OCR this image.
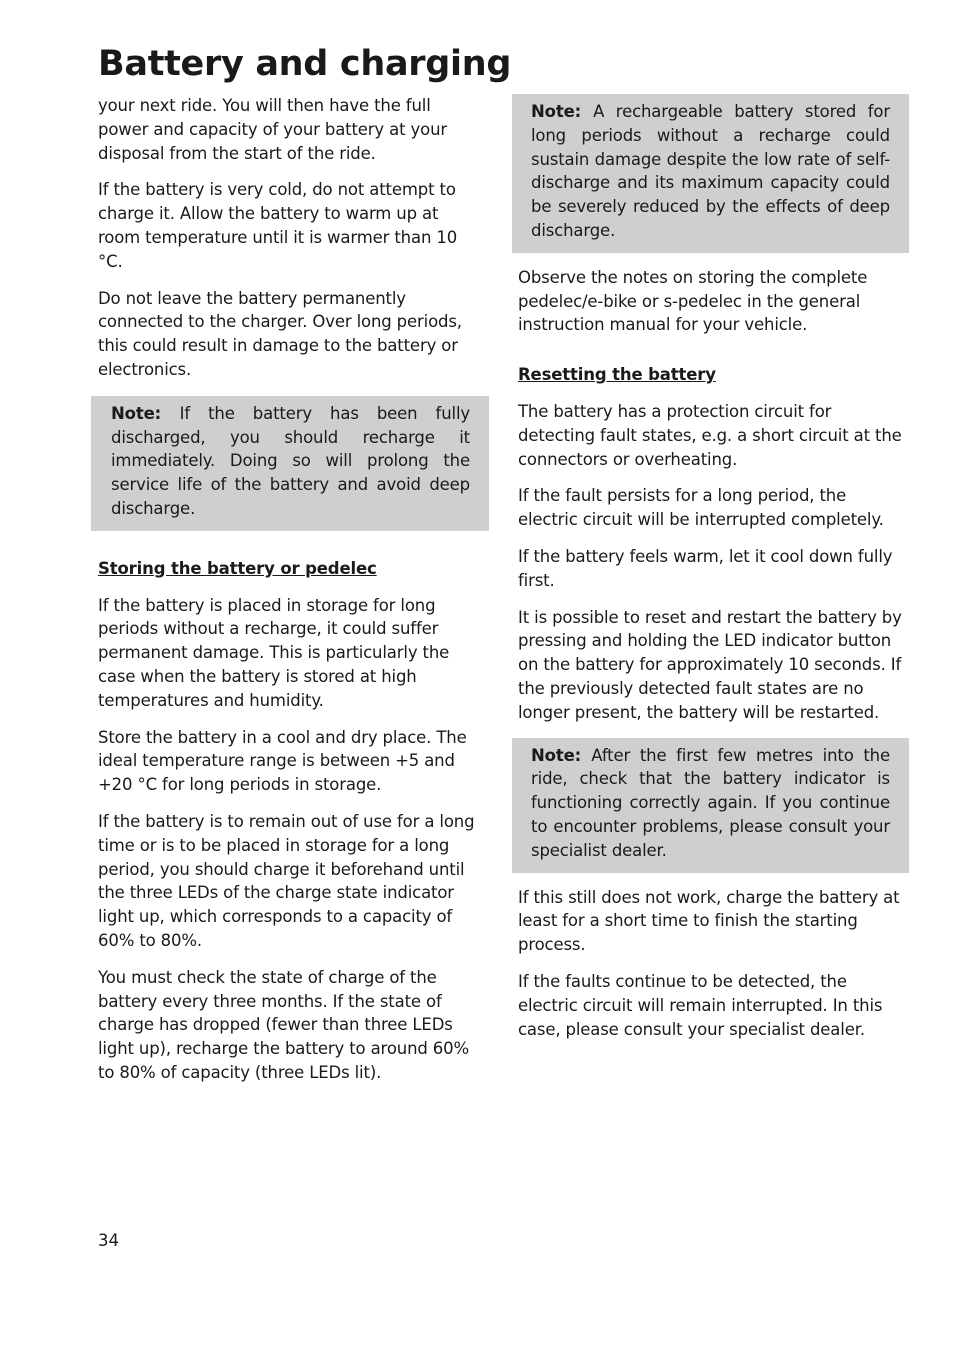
Battery and charging

your next ride. You will then have the full power and capacity of your battery at your disposal from the start of the ride.

If the battery is very cold, do not attempt to charge it. Allow the battery to warm up at room temperature until it is warmer than 10 °C.

Do not leave the battery permanently connected to the charger. Over long periods, this could result in damage to the battery or electronics.

Note: If the battery has been fully discharged, you should recharge it immediately. Doing so will prolong the service life of the battery and avoid deep discharge.
Storing the battery or pedelec

If the battery is placed in storage for long periods without a recharge, it could suffer permanent damage. This is particularly the case when the battery is stored at high temperatures and humidity.

Store the battery in a cool and dry place. The ideal temperature range is between +5 and +20 °C for long periods in storage.

If the battery is to remain out of use for a long time or is to be placed in storage for a long period, you should charge it beforehand until the three LEDs of the charge state indicator light up, which corresponds to a capacity of 60% to 80%.

You must check the state of charge of the battery every three months. If the state of charge has dropped (fewer than three LEDs light up), recharge the battery to around 60% to 80% of capacity (three LEDs lit).

Note: A rechargeable battery stored for long periods without a recharge could sustain damage despite the low rate of self-discharge and its maximum capacity could be severely reduced by the effects of deep discharge.

Observe the notes on storing the complete pedelec/e-bike or s-pedelec in the general instruction manual for your vehicle.

Resetting the battery

The battery has a protection circuit for detecting fault states, e.g. a short circuit at the connectors or overheating.

If the fault persists for a long period, the electric circuit will be interrupted completely.

If the battery feels warm, let it cool down fully first.

It is possible to reset and restart the battery by pressing and holding the LED indicator button on the battery for approximately 10 seconds. If the previously detected fault states are no longer present, the battery will be restarted.

Note: After the first few metres into the ride, check that the battery indicator is functioning correctly again. If you continue to encounter problems, please consult your specialist dealer.

If this still does not work, charge the battery at least for a short time to finish the starting process.

If the faults continue to be detected, the electric circuit will remain interrupted. In this case, please consult your specialist dealer.

34
